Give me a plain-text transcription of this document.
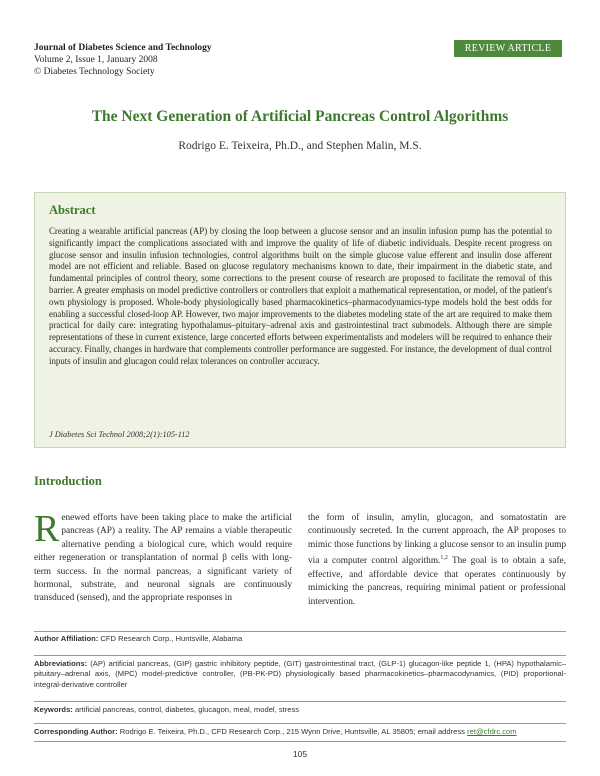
Journal of Diabetes Science and Technology
Volume 2, Issue 1, January 2008
© Diabetes Technology Society
REVIEW ARTICLE
The Next Generation of Artificial Pancreas Control Algorithms
Rodrigo E. Teixeira, Ph.D., and Stephen Malin, M.S.
Abstract
Creating a wearable artificial pancreas (AP) by closing the loop between a glucose sensor and an insulin infusion pump has the potential to significantly impact the complications associated with and improve the quality of life of diabetic individuals. Despite recent progress on glucose sensor and insulin infusion technologies, control algorithms built on the simple glucose value efferent and insulin dose afferent model are not efficient and reliable. Based on glucose regulatory mechanisms known to date, their impairment in the diabetic state, and fundamental principles of control theory, some corrections to the present course of research are proposed to facilitate the removal of this barrier. A greater emphasis on model predictive controllers or controllers that exploit a mathematical representation, or model, of the patient's own physiology is proposed. Whole-body physiologically based pharmacokinetics–pharmacodynamics-type models hold the best odds for enabling a successful closed-loop AP. However, two major improvements to the diabetes modeling state of the art are required to make them practical for daily care: integrating hypothalamus–pituitary–adrenal axis and gastrointestinal tract submodels. Although there are simple representations of these in current existence, large concerted efforts between experimentalists and modelers will be required to enhance their accuracy. Finally, changes in hardware that complements controller performance are suggested. For instance, the development of dual control inputs of insulin and glucagon could relax tolerances on controller accuracy.
J Diabetes Sci Technol 2008;2(1):105-112
Introduction
Renewed efforts have been taking place to make the artificial pancreas (AP) a reality. The AP remains a viable therapeutic alternative pending a biological cure, which would require either regeneration or transplantation of normal β cells with long-term success. In the normal pancreas, a significant variety of hormonal, substrate, and neuronal signals are continuously transduced (sensed), and the appropriate responses in
the form of insulin, amylin, glucagon, and somatostatin are continuously secreted. In the current approach, the AP proposes to mimic those functions by linking a glucose sensor to an insulin pump via a computer control algorithm.$^{1,2}$ The goal is to obtain a safe, effective, and affordable device that operates continuously by mimicking the pancreas, requiring minimal patient or professional intervention.
Author Affiliation: CFD Research Corp., Huntsville, Alabama
Abbreviations: (AP) artificial pancreas, (GIP) gastric inhibitory peptide, (GIT) gastrointestinal tract, (GLP-1) glucagon-like peptide 1, (HPA) hypothalamic–pituitary–adrenal axis, (MPC) model-predictive controller, (PB-PK-PD) physiologically based pharmacokinetics–pharmacodynamics, (PID) proportional-integral-derivative controller
Keywords: artificial pancreas, control, diabetes, glucagon, meal, model, stress
Corresponding Author: Rodrigo E. Teixeira, Ph.D., CFD Research Corp., 215 Wynn Drive, Huntsville, AL 35805; email address ret@cfdrc.com
105
